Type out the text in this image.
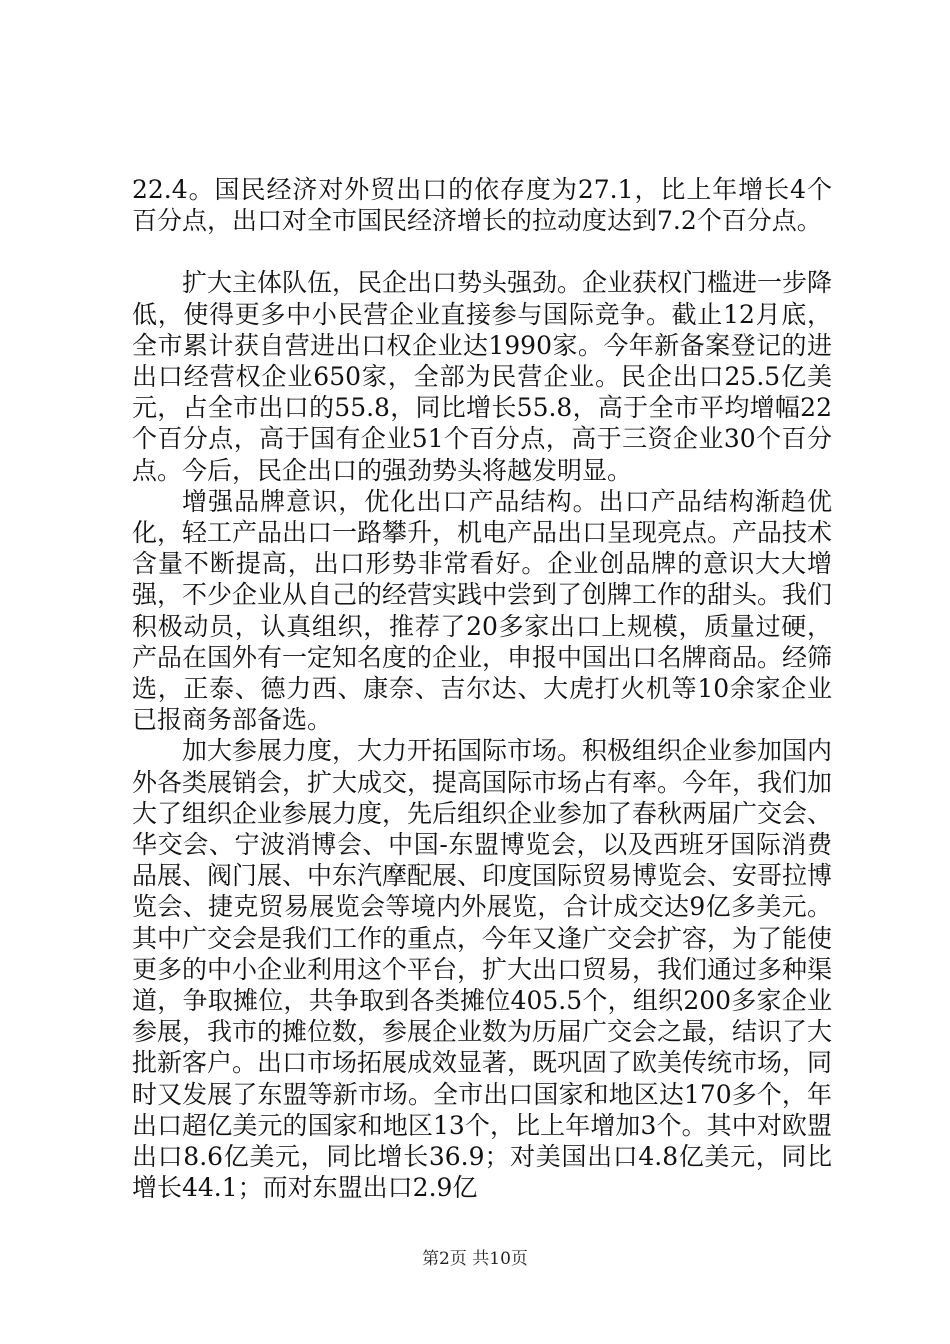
22.4。国民经济对外贸出口的依存度为27.1，比上年增长4个百分点，出口对全市国民经济增长的拉动度达到7.2个百分点。

扩大主体队伍，民企出口势头强劲。企业获权门槛进一步降低，使得更多中小民营企业直接参与国际竞争。截止12月底，全市累计获自营进出口权企业达1990家。今年新备案登记的进出口经营权企业650家，全部为民营企业。民企出口25.5亿美元，占全市出口的55.8，同比增长55.8，高于全市平均增幅22个百分点，高于国有企业51个百分点，高于三资企业30个百分点。今后，民企出口的强劲势头将越发明显。

增强品牌意识，优化出口产品结构。出口产品结构渐趋优化，轻工产品出口一路攀升，机电产品出口呈现亮点。产品技术含量不断提高，出口形势非常看好。企业创品牌的意识大大增强，不少企业从自己的经营实践中尝到了创牌工作的甜头。我们积极动员，认真组织，推荐了20多家出口上规模，质量过硬，产品在国外有一定知名度的企业，申报中国出口名牌商品。经筛选，正泰、德力西、康奈、吉尔达、大虎打火机等10余家企业已报商务部备选。

加大参展力度，大力开拓国际市场。积极组织企业参加国内外各类展销会，扩大成交，提高国际市场占有率。今年，我们加大了组织企业参展力度，先后组织企业参加了春秋两届广交会、华交会、宁波消博会、中国-东盟博览会，以及西班牙国际消费品展、阀门展、中东汽摩配展、印度国际贸易博览会、安哥拉博览会、捷克贸易展览会等境内外展览，合计成交达9亿多美元。其中广交会是我们工作的重点，今年又逢广交会扩容，为了能使更多的中小企业利用这个平台，扩大出口贸易，我们通过多种渠道，争取摊位，共争取到各类摊位405.5个，组织200多家企业参展，我市的摊位数，参展企业数为历届广交会之最，结识了大批新客户。出口市场拓展成效显著，既巩固了欧美传统市场，同时又发展了东盟等新市场。全市出口国家和地区达170多个，年出口超亿美元的国家和地区13个，比上年增加3个。其中对欧盟出口8.6亿美元，同比增长36.9；对美国出口4.8亿美元，同比增长44.1；而对东盟出口2.9亿

第2页 共10页
